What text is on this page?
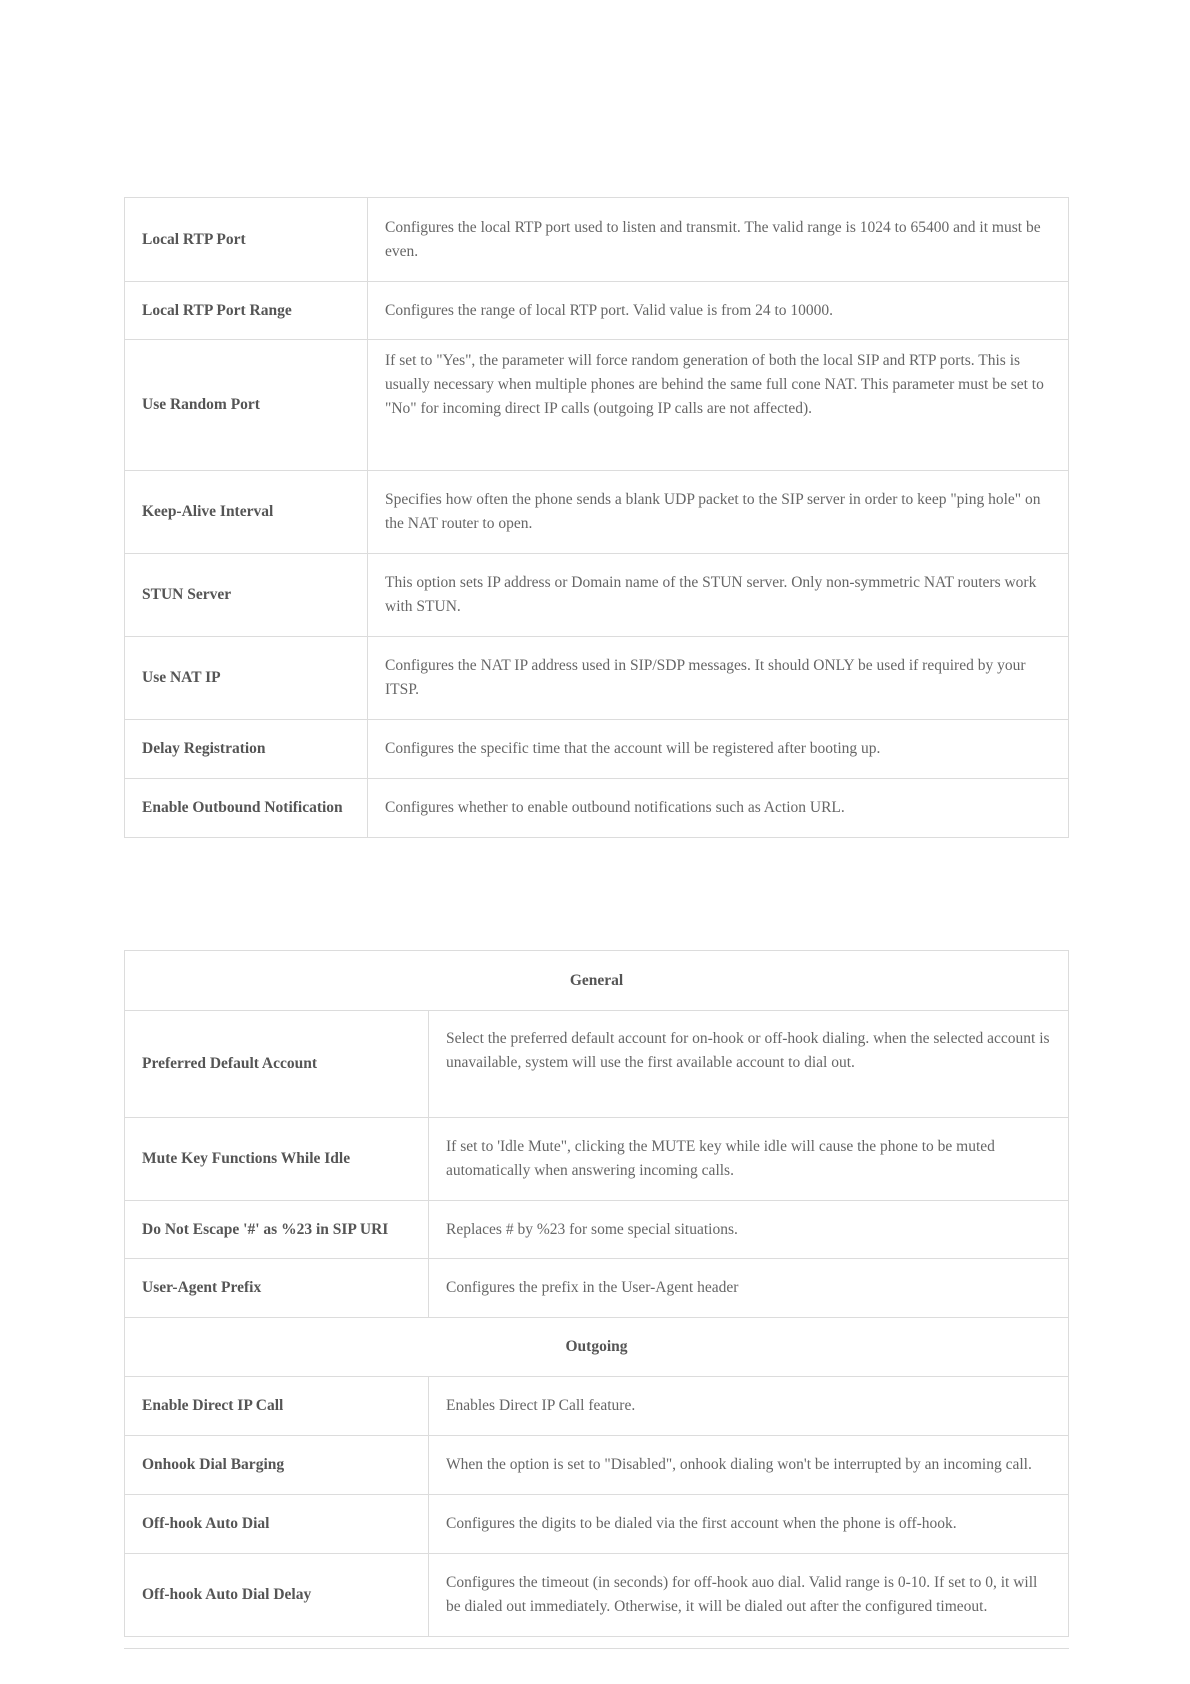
Local RTP Port	Configures the local RTP port used to listen and transmit. The valid range is 1024 to 65400 and it must be even.
Local RTP Port Range	Configures the range of local RTP port. Valid value is from 24 to 10000.
Use Random Port	If set to "Yes", the parameter will force random generation of both the local SIP and RTP ports. This is usually necessary when multiple phones are behind the same full cone NAT. This parameter must be set to "No" for incoming direct IP calls (outgoing IP calls are not affected).

Keep-Alive Interval	Specifies how often the phone sends a blank UDP packet to the SIP server in order to keep "ping hole" on the NAT router to open.
STUN Server	This option sets IP address or Domain name of the STUN server. Only non-symmetric NAT routers work with STUN.
Use NAT IP	Configures the NAT IP address used in SIP/SDP messages. It should ONLY be used if required by your ITSP.
Delay Registration	Configures the specific time that the account will be registered after booting up.
Enable Outbound Notification	Configures whether to enable outbound notifications such as Action URL.
General	
Preferred Default Account	Select the preferred default account for on-hook or off-hook dialing. when the selected account is unavailable, system will use the first available account to dial out.

Mute Key Functions While Idle	If set to 'Idle Mute", clicking the MUTE key while idle will cause the phone to be muted automatically when answering incoming calls.
Do Not Escape '#' as %23 in SIP URI	Replaces # by %23 for some special situations.
User-Agent Prefix	Configures the prefix in the User-Agent header
Outgoing	
Enable Direct IP Call	Enables Direct IP Call feature.
Onhook Dial Barging	When the option is set to "Disabled", onhook dialing won't be interrupted by an incoming call.
Off-hook Auto Dial	Configures the digits to be dialed via the first account when the phone is off-hook.
Off-hook Auto Dial Delay	Configures the timeout (in seconds) for off-hook auo dial. Valid range is 0-10. If set to 0, it will be dialed out immediately. Otherwise, it will be dialed out after the configured timeout.
